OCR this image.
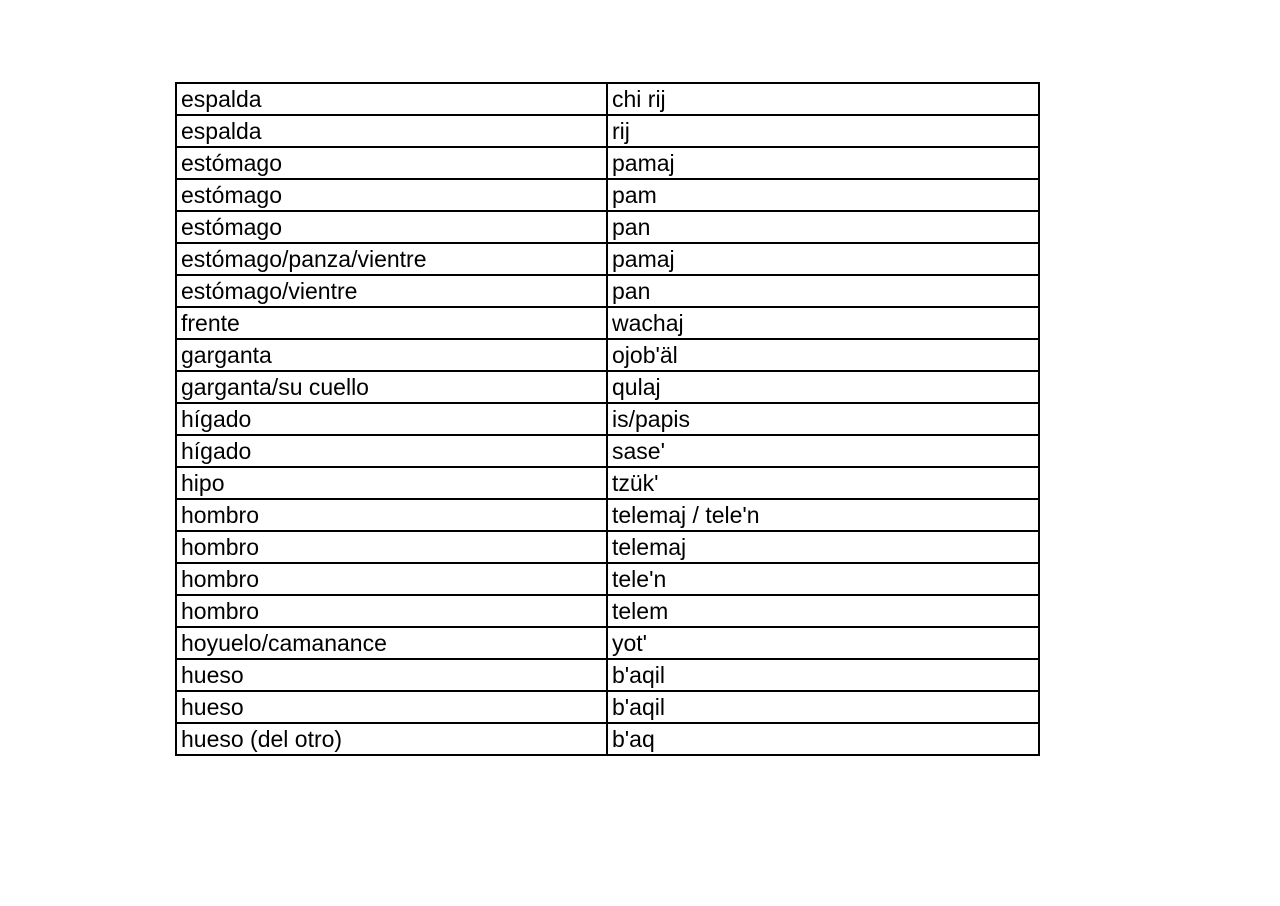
espalda	chi rij
espalda	rij
estómago	pamaj
estómago	pam
estómago	pan
estómago/panza/vientre	pamaj
estómago/vientre	pan
frente	wachaj
garganta	ojob'äl
garganta/su cuello	qulaj
hígado	is/papis
hígado	sase'
hipo	tzük'
hombro	telemaj / tele'n
hombro	telemaj
hombro	tele'n
hombro	telem
hoyuelo/camanance	yot'
hueso	b'aqil
hueso	b'aqil
hueso (del otro)	b'aq
